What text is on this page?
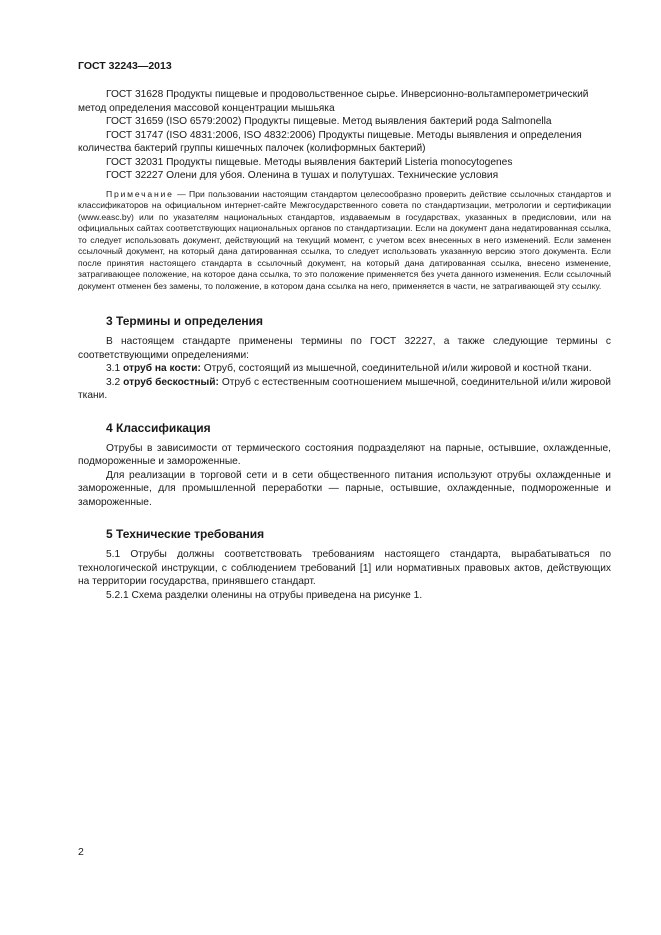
ГОСТ 32243—2013

ГОСТ 31628 Продукты пищевые и продовольственное сырье. Инверсионно-вольтамперометрический метод определения массовой концентрации мышьяка

ГОСТ 31659 (ISO 6579:2002) Продукты пищевые. Метод выявления бактерий рода Salmonella

ГОСТ 31747 (ISO 4831:2006, ISO 4832:2006) Продукты пищевые. Методы выявления и определения количества бактерий группы кишечных палочек (колиформных бактерий)

ГОСТ 32031 Продукты пищевые. Методы выявления бактерий Listeria monocytogenes

ГОСТ 32227 Олени для убоя. Оленина в тушах и полутушах. Технические условия

Примечание — При пользовании настоящим стандартом целесообразно проверить действие ссылочных стандартов и классификаторов на официальном интернет-сайте Межгосударственного совета по стандартизации, метрологии и сертификации (www.easc.by) или по указателям национальных стандартов, издаваемым в государствах, указанных в предисловии, или на официальных сайтах соответствующих национальных органов по стандартизации. Если на документ дана недатированная ссылка, то следует использовать документ, действующий на текущий момент, с учетом всех внесенных в него изменений. Если заменен ссылочный документ, на который дана датированная ссылка, то следует использовать указанную версию этого документа. Если после принятия настоящего стандарта в ссылочный документ, на который дана датированная ссылка, внесено изменение, затрагивающее положение, на которое дана ссылка, то это положение применяется без учета данного изменения. Если ссылочный документ отменен без замены, то положение, в котором дана ссылка на него, применяется в части, не затрагивающей эту ссылку.

3 Термины и определения

В настоящем стандарте применены термины по ГОСТ 32227, а также следующие термины с соответствующими определениями:

3.1 отруб на кости: Отруб, состоящий из мышечной, соединительной и/или жировой и костной ткани.

3.2 отруб бескостный: Отруб с естественным соотношением мышечной, соединительной и/или жировой ткани.

4 Классификация

Отрубы в зависимости от термического состояния подразделяют на парные, остывшие, охлажденные, подмороженные и замороженные.

Для реализации в торговой сети и в сети общественного питания используют отрубы охлажденные и замороженные, для промышленной переработки — парные, остывшие, охлажденные, подмороженные и замороженные.

5 Технические требования

5.1 Отрубы должны соответствовать требованиям настоящего стандарта, вырабатываться по технологической инструкции, с соблюдением требований [1] или нормативных правовых актов, действующих на территории государства, принявшего стандарт.

5.2.1 Схема разделки оленины на отрубы приведена на рисунке 1.

2
